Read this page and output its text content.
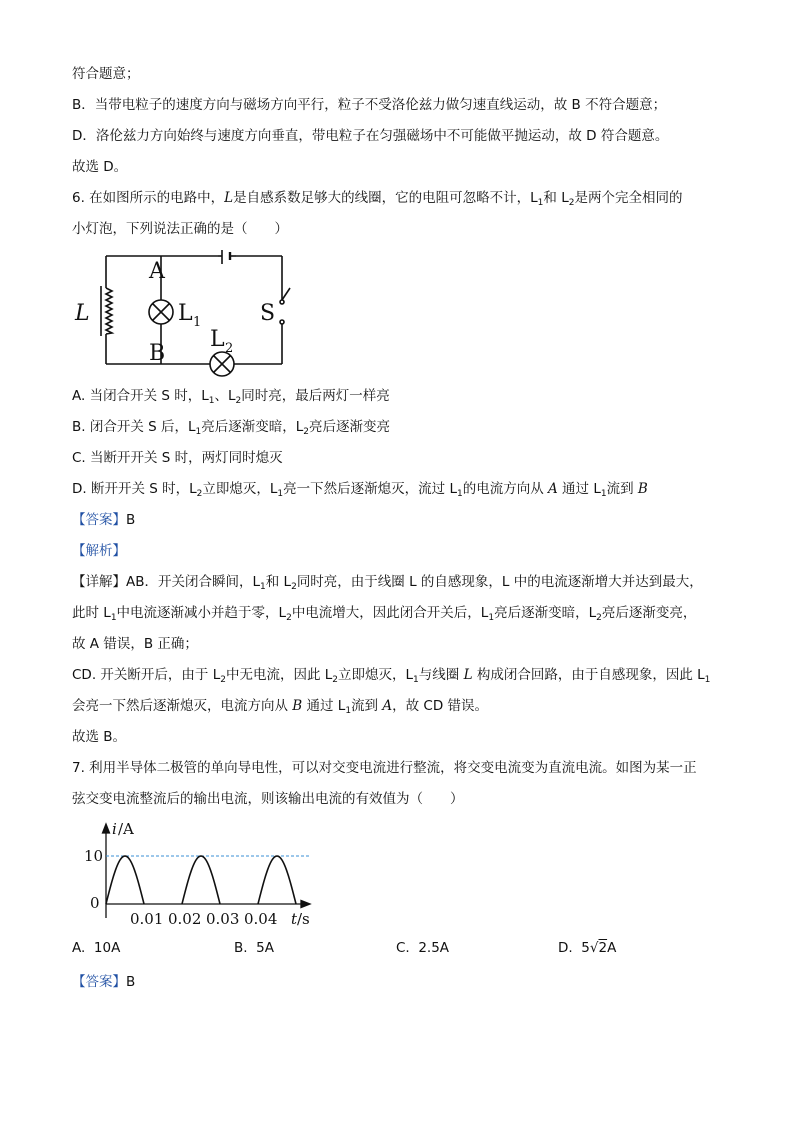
符合题意；

B．当带电粒子的速度方向与磁场方向平行，粒子不受洛伦兹力做匀速直线运动，故 B 不符合题意；

D．洛伦兹力方向始终与速度方向垂直，带电粒子在匀强磁场中不可能做平抛运动，故 D 符合题意。

故选 D。

6. 在如图所示的电路中，L是自感系数足够大的线圈，它的电阻可忽略不计，$L_1$和 $L_2$是两个完全相同的

小灯泡，下列说法正确的是（　　）

A
B
L	S
L 1
L 2

A. 当闭合开关 S 时，$L_1$、$L_2$同时亮，最后两灯一样亮

B. 闭合开关 S 后，$L_1$亮后逐渐变暗，$L_2$亮后逐渐变亮

C. 当断开开关 S 时，两灯同时熄灭

D. 断开开关 S 时，$L_2$立即熄灭，$L_1$亮一下然后逐渐熄灭，流过 $L_1$的电流方向从 A 通过 $L_1$流到 B

【答案】B

【解析】

【详解】AB．开关闭合瞬间，$L_1$和 $L_2$同时亮，由于线圈 L 的自感现象，L 中的电流逐渐增大并达到最大，

此时 $L_1$中电流逐渐减小并趋于零，$L_2$中电流增大，因此闭合开关后，$L_1$亮后逐渐变暗，$L_2$亮后逐渐变亮，

故 A 错误，B 正确；

CD. 开关断开后，由于 $L_2$中无电流，因此 $L_2$立即熄灭，$L_1$与线圈 L 构成闭合回路，由于自感现象，因此 $L_1$

会亮一下然后逐渐熄灭，电流方向从 B 通过 $L_1$流到 A，故 CD 错误。

故选 B。

7. 利用半导体二极管的单向导电性，可以对交变电流进行整流，将交变电流变为直流电流。如图为某一正

弦交变电流整流后的输出电流，则该输出电流的有效值为（　　）

i /A
10
0
0.01 0.02 0.03 0.04 t /s
A. 10A	B. 5A	C. 2.5A	D. 5√2A

【答案】B
